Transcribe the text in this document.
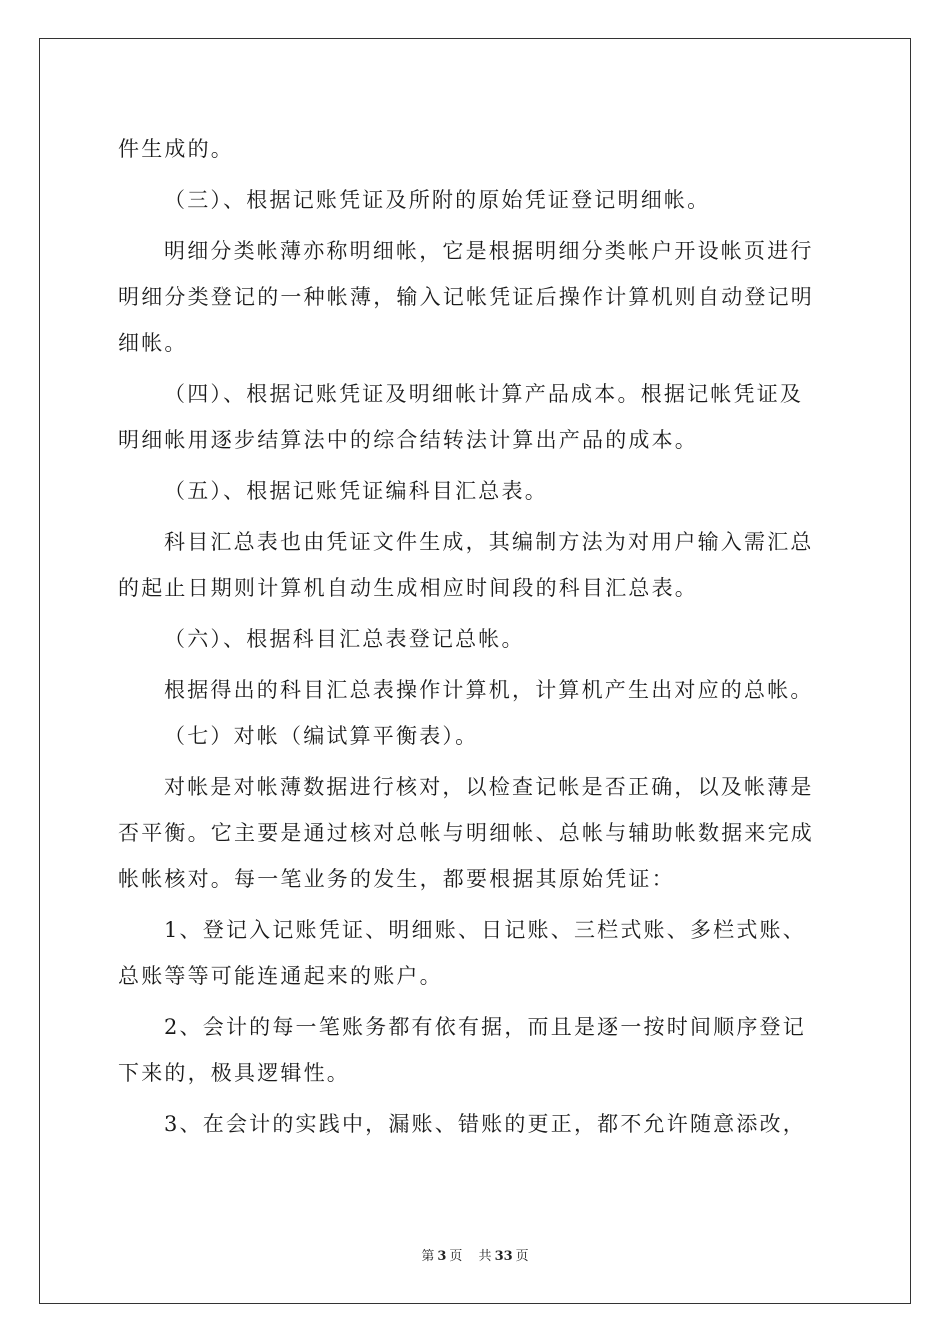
件生成的。
（三）、根据记账凭证及所附的原始凭证登记明细帐。
明细分类帐薄亦称明细帐，它是根据明细分类帐户开设帐页进行
明细分类登记的一种帐薄，输入记帐凭证后操作计算机则自动登记明
细帐。
（四）、根据记账凭证及明细帐计算产品成本。根据记帐凭证及
明细帐用逐步结算法中的综合结转法计算出产品的成本。
（五）、根据记账凭证编科目汇总表。
科目汇总表也由凭证文件生成，其编制方法为对用户输入需汇总
的起止日期则计算机自动生成相应时间段的科目汇总表。
（六）、根据科目汇总表登记总帐。
根据得出的科目汇总表操作计算机，计算机产生出对应的总帐。
（七）对帐（编试算平衡表）。
对帐是对帐薄数据进行核对，以检查记帐是否正确，以及帐薄是
否平衡。它主要是通过核对总帐与明细帐、总帐与辅助帐数据来完成
帐帐核对。每一笔业务的发生，都要根据其原始凭证：
1、登记入记账凭证、明细账、日记账、三栏式账、多栏式账、
总账等等可能连通起来的账户。
2、会计的每一笔账务都有依有据，而且是逐一按时间顺序登记
下来的，极具逻辑性。
3、在会计的实践中，漏账、错账的更正，都不允许随意添改，
第 3 页 共 33 页
